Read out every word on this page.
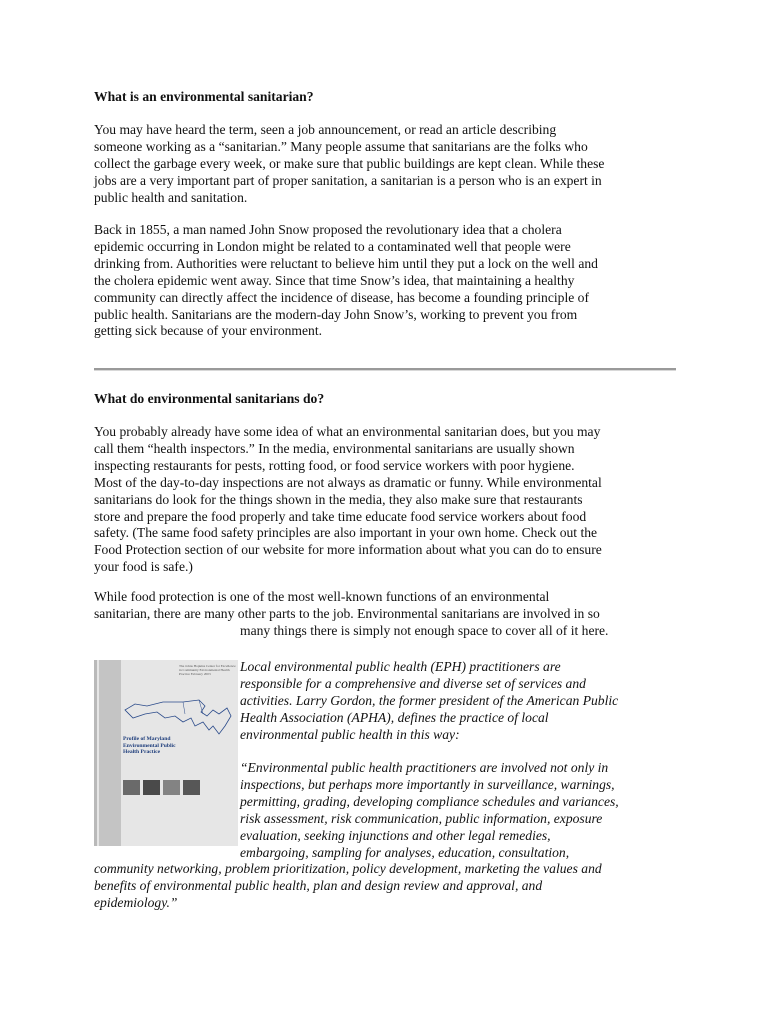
What is an environmental sanitarian?

You may have heard the term, seen a job announcement, or read an article describing
someone working as a “sanitarian.” Many people assume that sanitarians are the folks who
collect the garbage every week, or make sure that public buildings are kept clean. While these
jobs are a very important part of proper sanitation, a sanitarian is a person who is an expert in
public health and sanitation.

Back in 1855, a man named John Snow proposed the revolutionary idea that a cholera
epidemic occurring in London might be related to a contaminated well that people were
drinking from. Authorities were reluctant to believe him until they put a lock on the well and
the cholera epidemic went away. Since that time Snow’s idea, that maintaining a healthy
community can directly affect the incidence of disease, has become a founding principle of
public health. Sanitarians are the modern-day John Snow’s, working to prevent you from
getting sick because of your environment.

What do environmental sanitarians do?

You probably already have some idea of what an environmental sanitarian does, but you may
call them “health inspectors.” In the media, environmental sanitarians are usually shown
inspecting restaurants for pests, rotting food, or food service workers with poor hygiene.
Most of the day-to-day inspections are not always as dramatic or funny. While environmental
sanitarians do look for the things shown in the media, they also make sure that restaurants
store and prepare the food properly and take time educate food service workers about food
safety. (The same food safety principles are also important in your own home. Check out the
Food Protection section of our website for more information about what you can do to ensure
your food is safe.)

While food protection is one of the most well-known functions of an environmental
sanitarian, there are many other parts to the job. Environmental sanitarians are involved in so
many things there is simply not enough space to cover all of it here.

The Johns Hopkins Center for Excellence in Community Environmental Health Practice February 2003
Profile of Maryland Environmental Public Health Practice

Local environmental public health (EPH) practitioners are
responsible for a comprehensive and diverse set of services and
activities. Larry Gordon, the former president of the American Public
Health Association (APHA), defines the practice of local
environmental public health in this way:

“Environmental public health practitioners are involved not only in
inspections, but perhaps more importantly in surveillance, warnings,
permitting, grading, developing compliance schedules and variances,
risk assessment, risk communication, public information, exposure
evaluation, seeking injunctions and other legal remedies,
embargoing, sampling for analyses, education, consultation,

community networking, problem prioritization, policy development, marketing the values and
benefits of environmental public health, plan and design review and approval, and
epidemiology.”
